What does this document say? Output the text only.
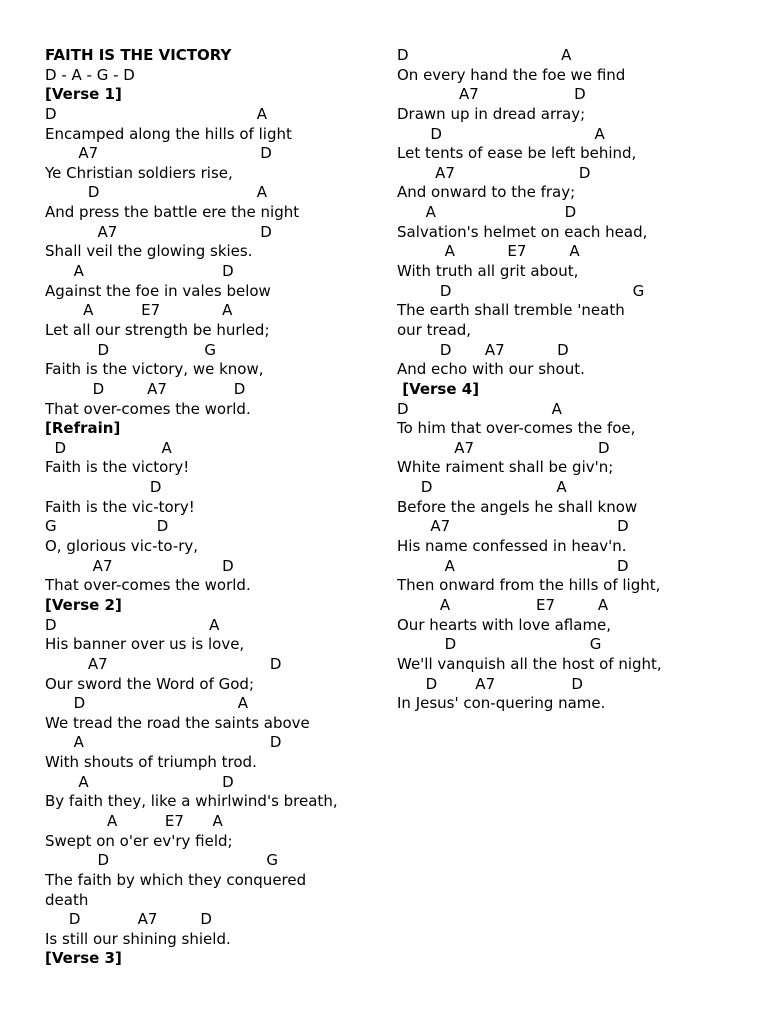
FAITH IS THE VICTORY
D - A - G - D
[Verse 1]
D                                          A
Encamped along the hills of light
A7                                  D
Ye Christian soldiers rise,
D                                 A
And press the battle ere the night
A7                              D
Shall veil the glowing skies.
A                             D
Against the foe in vales below
A          E7             A
Let all our strength be hurled;
D                    G
Faith is the victory, we know,
D         A7              D
That over-comes the world.
[Refrain]
D                    A
Faith is the victory!
D
Faith is the vic-tory!
G                     D
O, glorious vic-to-ry,
A7                       D
That over-comes the world.
[Verse 2]
D                                A
His banner over us is love,
A7                                  D
Our sword the Word of God;
D                                A
We tread the road the saints above
A                                       D
With shouts of triumph trod.
A                            D
By faith they, like a whirlwind's breath,
A          E7      A
Swept on o'er ev'ry field;
D                                 G
The faith by which they conquered
death
D            A7         D
Is still our shining shield.
[Verse 3]
D                                A
On every hand the foe we find
A7                    D
Drawn up in dread array;
D                                A
Let tents of ease be left behind,
A7                          D
And onward to the fray;
A                           D
Salvation's helmet on each head,
A           E7         A
With truth all grit about,
D                                      G
The earth shall tremble 'neath
our tread,
D       A7           D
And echo with our shout.
[Verse 4]
D                              A
To him that over-comes the foe,
A7                          D
White raiment shall be giv'n;
D                          A
Before the angels he shall know
A7                                   D
His name confessed in heav'n.
A                                  D
Then onward from the hills of light,
A                  E7         A
Our hearts with love aflame,
D                            G
We'll vanquish all the host of night,
D        A7                D
In Jesus' con-quering name.
